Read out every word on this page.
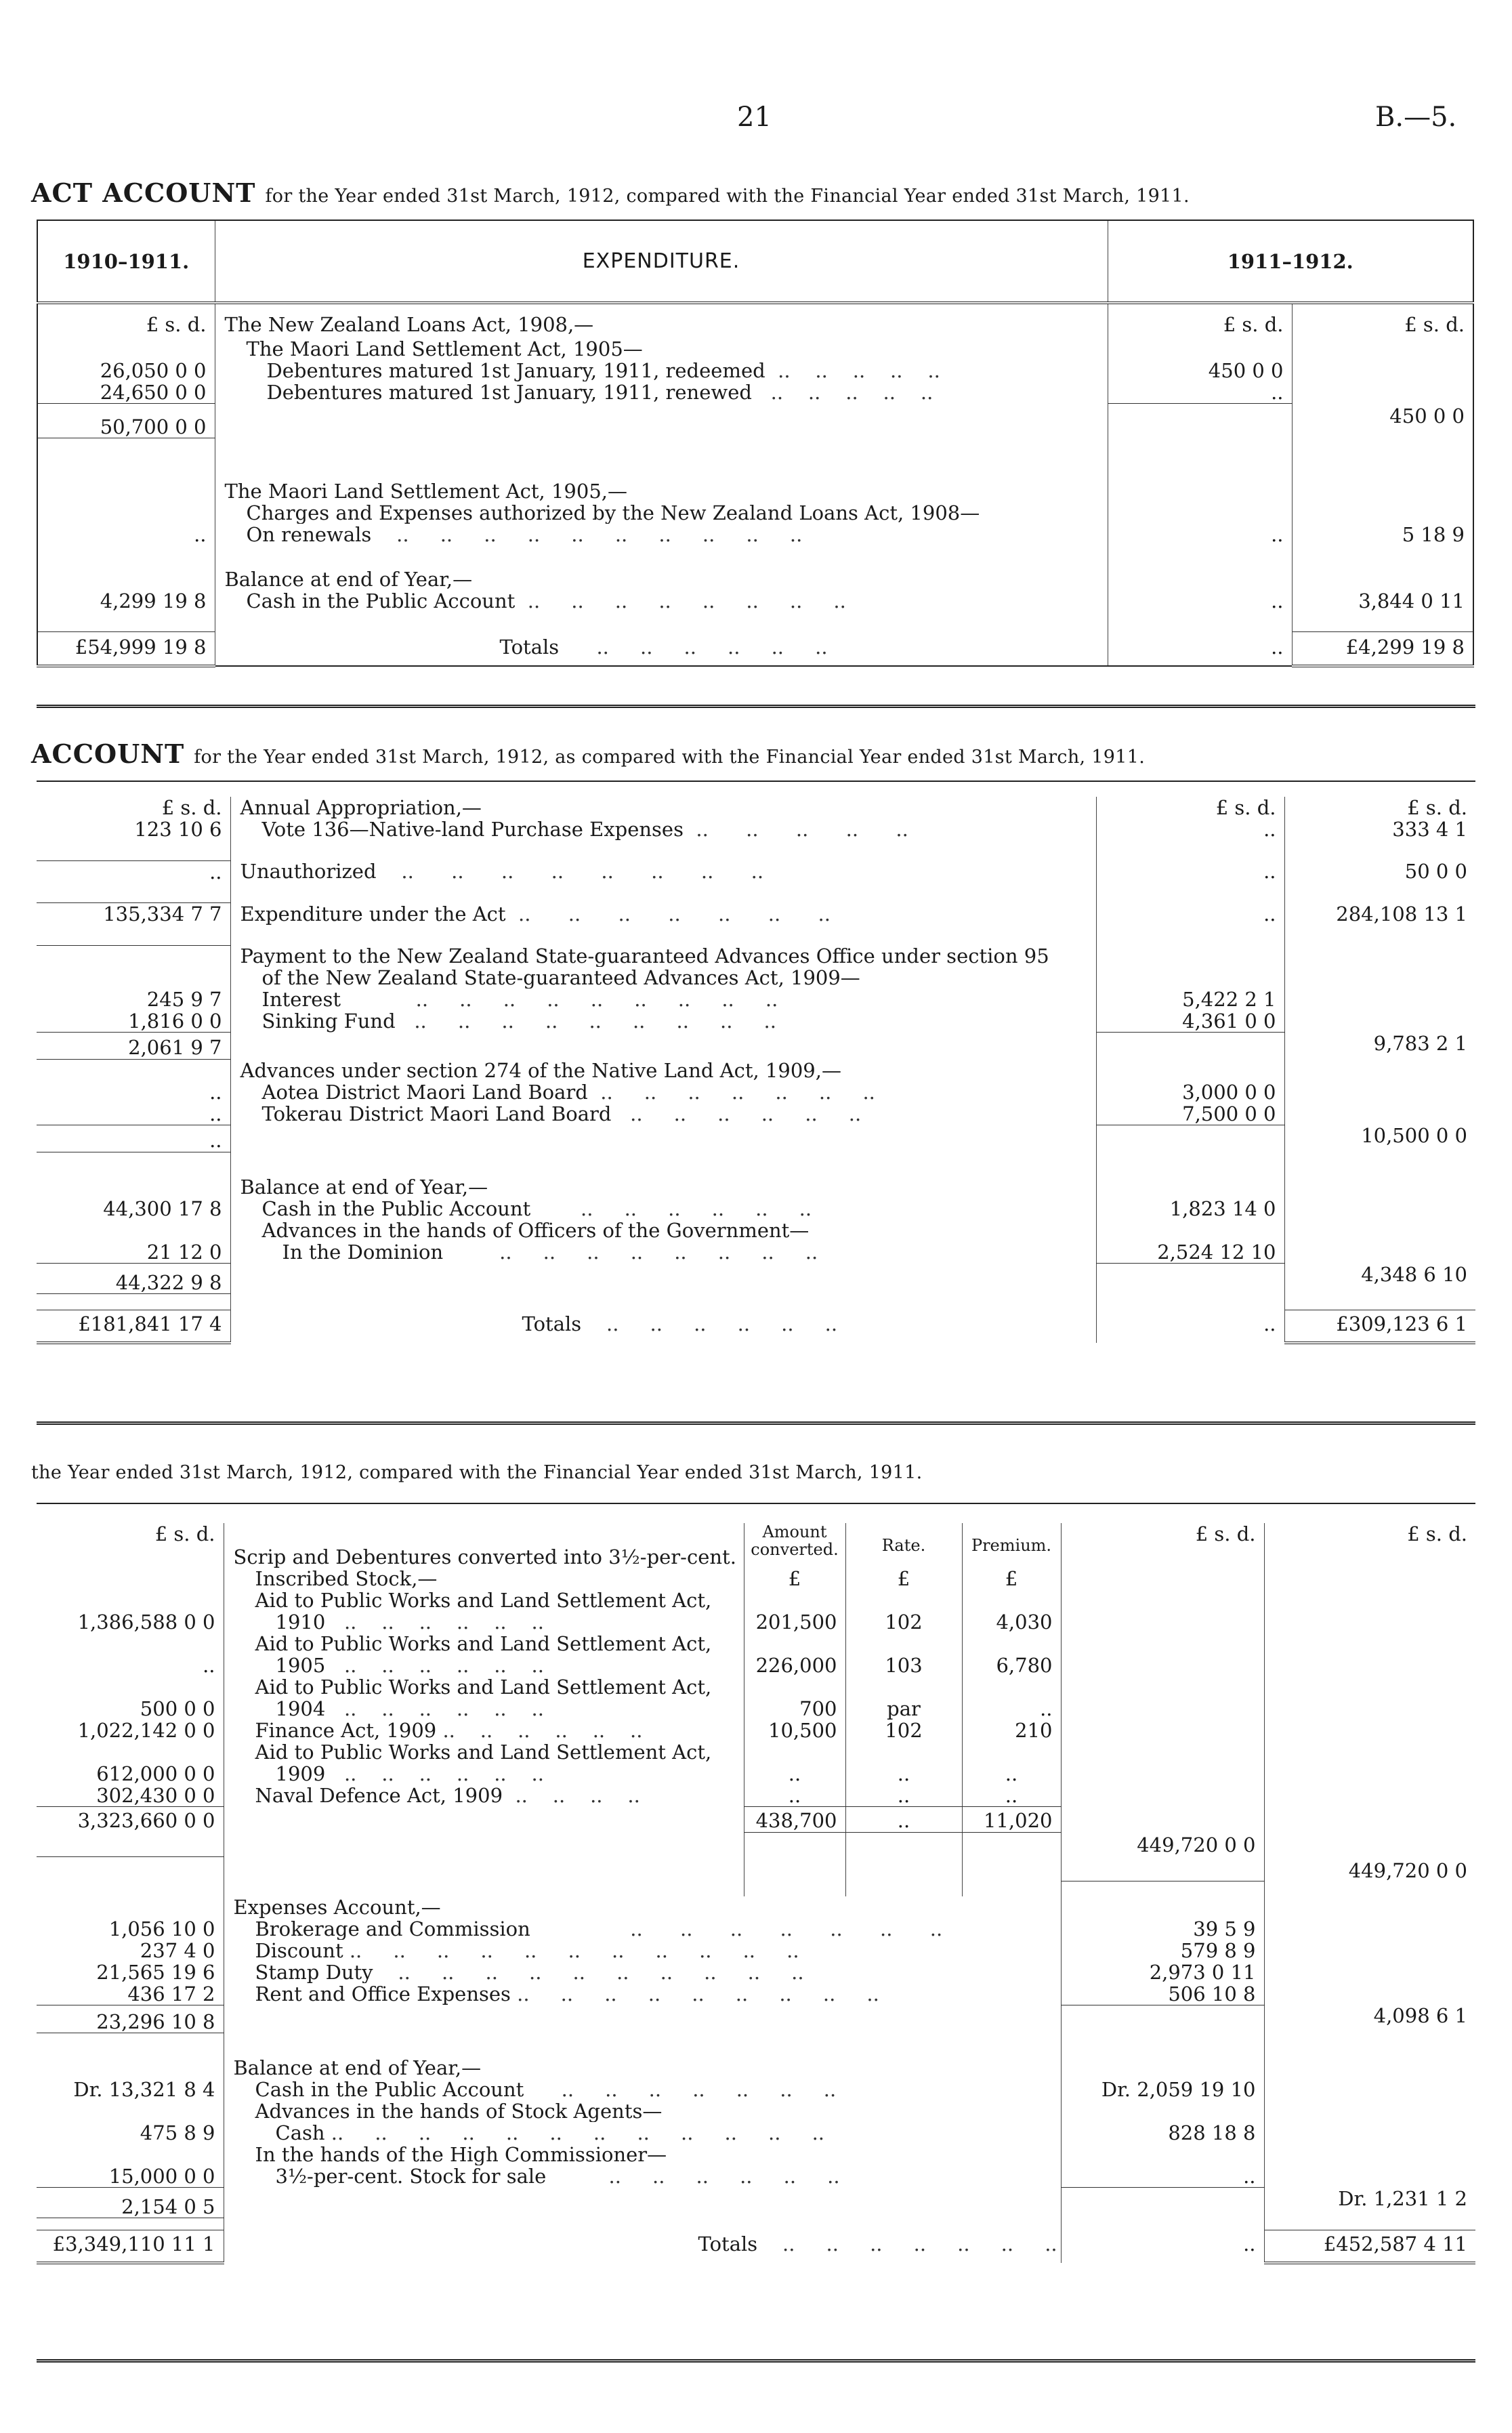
21	B.—5.
ACT ACCOUNT for the Year ended 31st March, 1912, compared with the Financial Year ended 31st March, 1911.
1910–1911.	EXPENDITURE.	1911–1912.	
£ s. d.	The New Zealand Loans Act, 1908,—	£ s. d.	£ s. d.
	The Maori Land Settlement Act, 1905—		
26,050 0 0	Debentures matured 1st January, 1911, redeemed  ..    ..    ..    ..    ..	450 0 0	
24,650 0 0	Debentures matured 1st January, 1911, renewed   ..    ..    ..    ..    ..	..	
50,700 0 0			450 0 0

	The Maori Land Settlement Act, 1905,—		
	Charges and Expenses authorized by the New Zealand Loans Act, 1908—		
..	On renewals    ..     ..     ..     ..     ..     ..     ..     ..     ..     ..	..	5 18 9

	Balance at end of Year,—		
4,299 19 8	Cash in the Public Account  ..     ..     ..     ..     ..     ..     ..     ..	..	3,844 0 11

£54,999 19 8	Totals      ..     ..     ..     ..     ..     ..	..	£4,299 19 8
ACCOUNT for the Year ended 31st March, 1912, as compared with the Financial Year ended 31st March, 1911.
£ s. d.	Annual Appropriation,—	£ s. d.	£ s. d.
123 10 6	Vote 136—Native-land Purchase Expenses  ..      ..      ..      ..      ..	..	333 4 1

..	Unauthorized    ..      ..      ..      ..      ..      ..      ..      ..	..	50 0 0

135,334 7 7	Expenditure under the Act  ..      ..      ..      ..      ..      ..      ..	..	284,108 13 1

	Payment to the New Zealand State-guaranteed Advances Office under section 95		
	of the New Zealand State-guaranteed Advances Act, 1909—		
245 9 7	Interest            ..     ..     ..     ..     ..     ..     ..     ..     ..	5,422 2 1	
1,816 0 0	Sinking Fund   ..     ..     ..     ..     ..     ..     ..     ..     ..	4,361 0 0	
2,061 9 7			9,783 2 1
	Advances under section 274 of the Native Land Act, 1909,—		
..	Aotea District Maori Land Board  ..     ..     ..     ..     ..     ..     ..	3,000 0 0	
..	Tokerau District Maori Land Board   ..     ..     ..     ..     ..     ..	7,500 0 0	
..			10,500 0 0

	Balance at end of Year,—		
44,300 17 8	Cash in the Public Account        ..     ..     ..     ..     ..     ..	1,823 14 0	
	Advances in the hands of Officers of the Government—		
21 12 0	In the Dominion         ..     ..     ..     ..     ..     ..     ..     ..	2,524 12 10	
44,322 9 8			4,348 6 10

£181,841 17 4	Totals    ..     ..     ..     ..     ..     ..	..	£309,123 6 1
the Year ended 31st March, 1912, compared with the Financial Year ended 31st March, 1911.
£ s. d.		Amount converted.	Rate.	Premium.	£ s. d.	£ s. d.
	Scrip and Debentures converted into 3½-per-cent.					
	Inscribed Stock,—	£	£	£		
	Aid to Public Works and Land Settlement Act,					
1,386,588 0 0	1910   ..    ..    ..    ..    ..    ..	201,500	102	4,030		
	Aid to Public Works and Land Settlement Act,					
..	1905   ..    ..    ..    ..    ..    ..	226,000	103	6,780		
	Aid to Public Works and Land Settlement Act,					
500 0 0	1904   ..    ..    ..    ..    ..    ..	700	par	..		
1,022,142 0 0	Finance Act, 1909 ..    ..    ..    ..    ..    ..	10,500	102	210		
	Aid to Public Works and Land Settlement Act,					
612,000 0 0	1909   ..    ..    ..    ..    ..    ..	..	..	..		
302,430 0 0	Naval Defence Act, 1909  ..    ..    ..    ..	..	..	..		
3,323,660 0 0		438,700	..	11,020		
					449,720 0 0	
						449,720 0 0

	Expenses Account,—					
1,056 10 0	Brokerage and Commission                ..      ..      ..      ..      ..      ..      ..				39 5 9	
237 4 0	Discount ..     ..     ..     ..     ..     ..     ..     ..     ..     ..     ..				579 8 9	
21,565 19 6	Stamp Duty    ..     ..     ..     ..     ..     ..     ..     ..     ..     ..				2,973 0 11	
436 17 2	Rent and Office Expenses ..     ..     ..     ..     ..     ..     ..     ..     ..				506 10 8	
23,296 10 8						4,098 6 1

	Balance at end of Year,—					
Dr. 13,321 8 4	Cash in the Public Account      ..     ..     ..     ..     ..     ..     ..				Dr. 2,059 19 10	
	Advances in the hands of Stock Agents—					
475 8 9	Cash ..     ..     ..     ..     ..     ..     ..     ..     ..     ..     ..     ..				828 18 8	
	In the hands of the High Commissioner—					
15,000 0 0	3½-per-cent. Stock for sale          ..     ..     ..     ..     ..     ..				..	
2,154 0 5						Dr. 1,231 1 2

£3,349,110 11 1	Totals    ..     ..     ..     ..     ..     ..     ..				..	£452,587 4 11
